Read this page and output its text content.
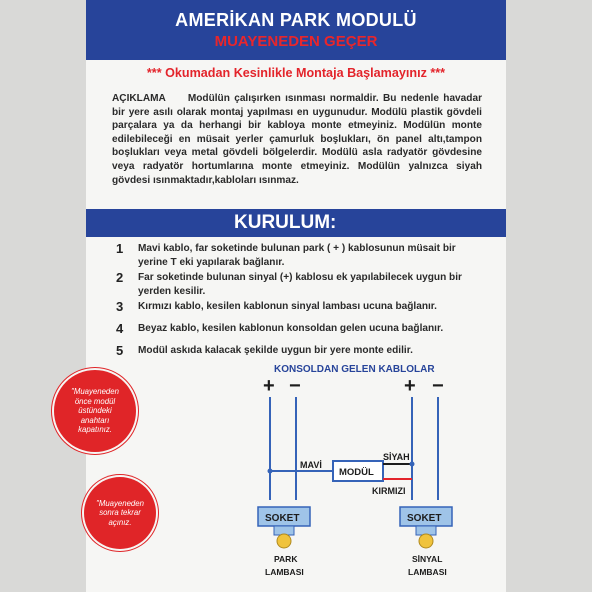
AMERİKAN PARK MODULÜ
MUAYENEDEN GEÇER
*** Okumadan Kesinlikle Montaja Başlamayınız ***
AÇIKLAMA Modülün çalışırken ısınması normaldir. Bu nedenle havadar bir yere asılı olarak montaj yapılması en uygunudur. Modülü plastik gövdeli parçalara ya da herhangi bir kabloya monte etmeyiniz. Modülün monte edilebileceği en müsait yerler çamurluk boşlukları, ön panel altı,tampon boşlukları veya metal gövdeli bölgelerdir. Modülü asla radyatör gövdesine veya radyatör hortumlarına monte etmeyiniz. Modülün yalnızca siyah gövdesi ısınmaktadır,kabloları ısınmaz.
KURULUM:
1 Mavi kablo, far soketinde bulunan park ( + ) kablosunun müsait bir yerine T eki yapılarak bağlanır.
2 Far soketinde bulunan sinyal (+) kablosu ek yapılabilecek uygun bir yerden kesilir.
3 Kırmızı kablo, kesilen kablonun sinyal lambası ucuna bağlanır.
4 Beyaz kablo, kesilen kablonun konsoldan gelen ucuna bağlanır.
5 Modül askıda kalacak şekilde uygun bir yere monte edilir.
KONSOLDAN GELEN KABLOLAR
+ −	+ −
MAVİ
MODÜL
SİYAH
KIRMIZI
SOKET
PARK
LAMBASI
SOKET
SİNYAL
LAMBASI
"Muayeneden önce modül üstündeki anahtarı kapatınız.
"Muayeneden sonra tekrar açınız.
